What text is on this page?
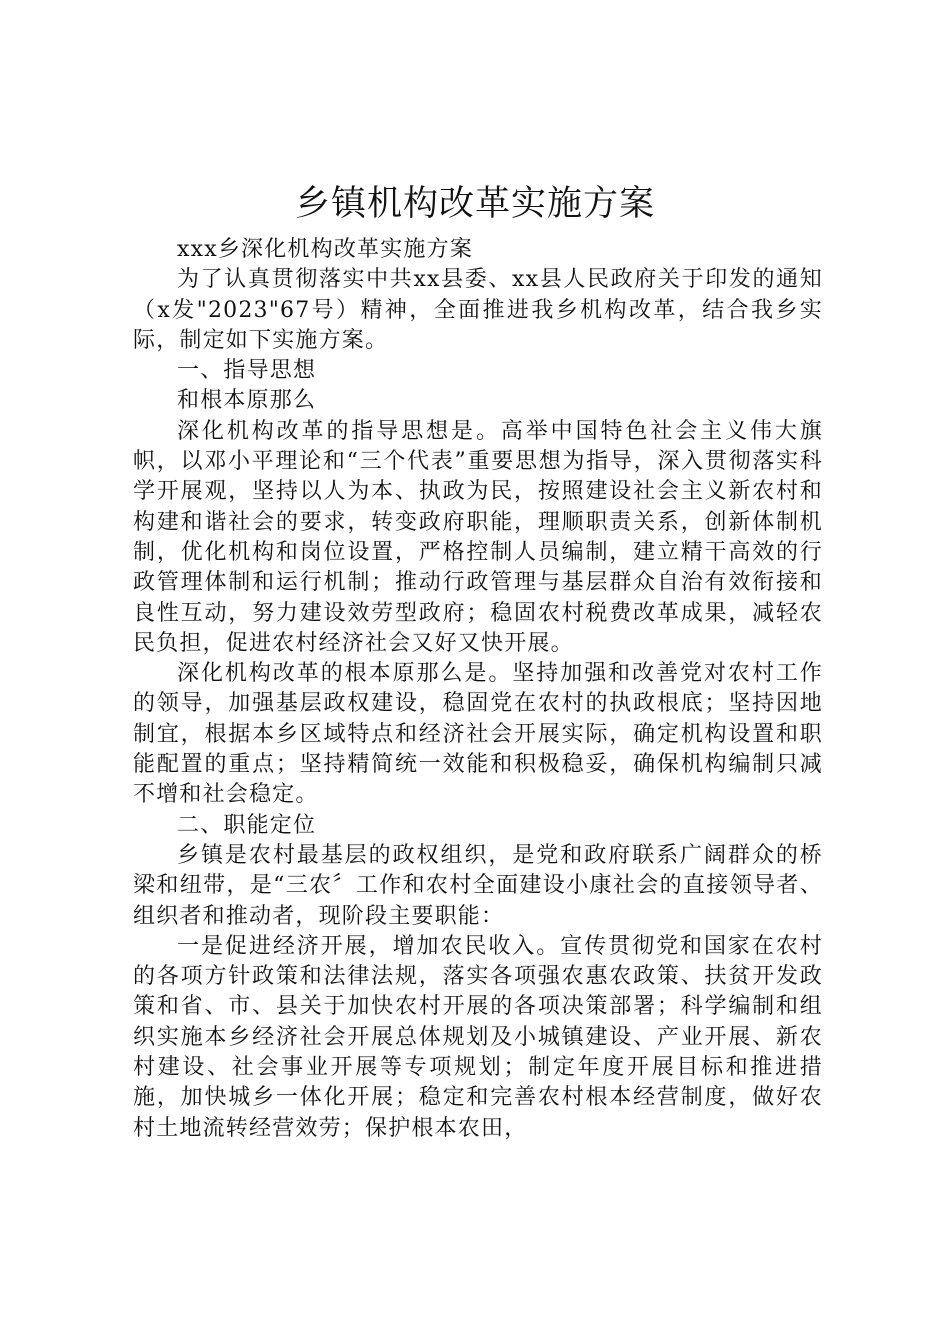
乡镇机构改革实施方案

xxx乡深化机构改革实施方案

为了认真贯彻落实中共xx县委、xx县人民政府关于印发的通知（x发"2023"67号）精神，全面推进我乡机构改革，结合我乡实际，制定如下实施方案。

一、指导思想

和根本原那么

深化机构改革的指导思想是。高举中国特色社会主义伟大旗帜，以邓小平理论和“三个代表”重要思想为指导，深入贯彻落实科学开展观，坚持以人为本、执政为民，按照建设社会主义新农村和构建和谐社会的要求，转变政府职能，理顺职责关系，创新体制机制，优化机构和岗位设置，严格控制人员编制，建立精干高效的行政管理体制和运行机制；推动行政管理与基层群众自治有效衔接和良性互动，努力建设效劳型政府；稳固农村税费改革成果，减轻农民负担，促进农村经济社会又好又快开展。

深化机构改革的根本原那么是。坚持加强和改善党对农村工作的领导，加强基层政权建设，稳固党在农村的执政根底；坚持因地制宜，根据本乡区域特点和经济社会开展实际，确定机构设置和职能配置的重点；坚持精简统一效能和积极稳妥，确保机构编制只减不增和社会稳定。

二、职能定位

乡镇是农村最基层的政权组织，是党和政府联系广阔群众的桥梁和纽带，是“三农〞工作和农村全面建设小康社会的直接领导者、组织者和推动者，现阶段主要职能：

一是促进经济开展，增加农民收入。宣传贯彻党和国家在农村的各项方针政策和法律法规，落实各项强农惠农政策、扶贫开发政策和省、市、县关于加快农村开展的各项决策部署；科学编制和组织实施本乡经济社会开展总体规划及小城镇建设、产业开展、新农村建设、社会事业开展等专项规划；制定年度开展目标和推进措施，加快城乡一体化开展；稳定和完善农村根本经营制度，做好农村土地流转经营效劳；保护根本农田，
